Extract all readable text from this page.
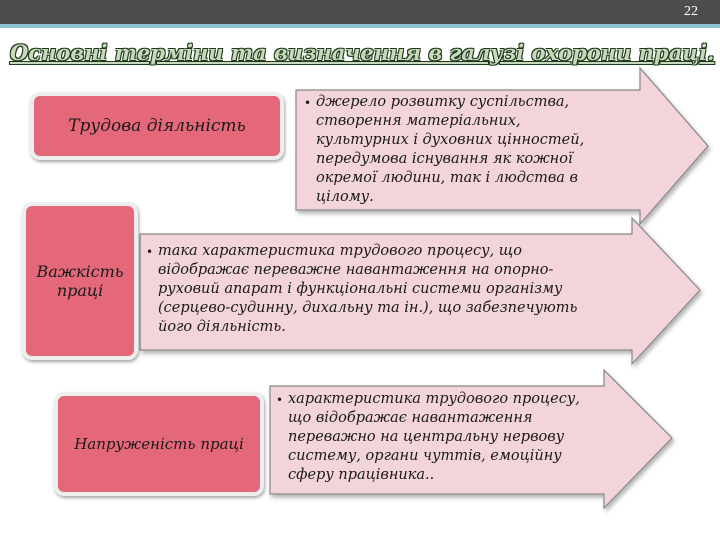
22
Основні терміни та визначення в галузі охорони праці.
Трудова діяльність
• джерело розвитку суспільства,
створення матеріальних,
культурних і духовних цінностей,
передумова існування як кожної
окремої людини, так і людства в
цілому.
Важкість праці
• така характеристика трудового процесу, що
відображає переважне навантаження на опорно-
руховий апарат і функціональні системи організму
(серцево-судинну, дихальну та ін.), що забезпечують
його діяльність.
Напруженість праці
• характеристика трудового процесу,
що відображає навантаження
переважно на центральну нервову
систему, органи чуттів, емоційну
сферу працівника..
